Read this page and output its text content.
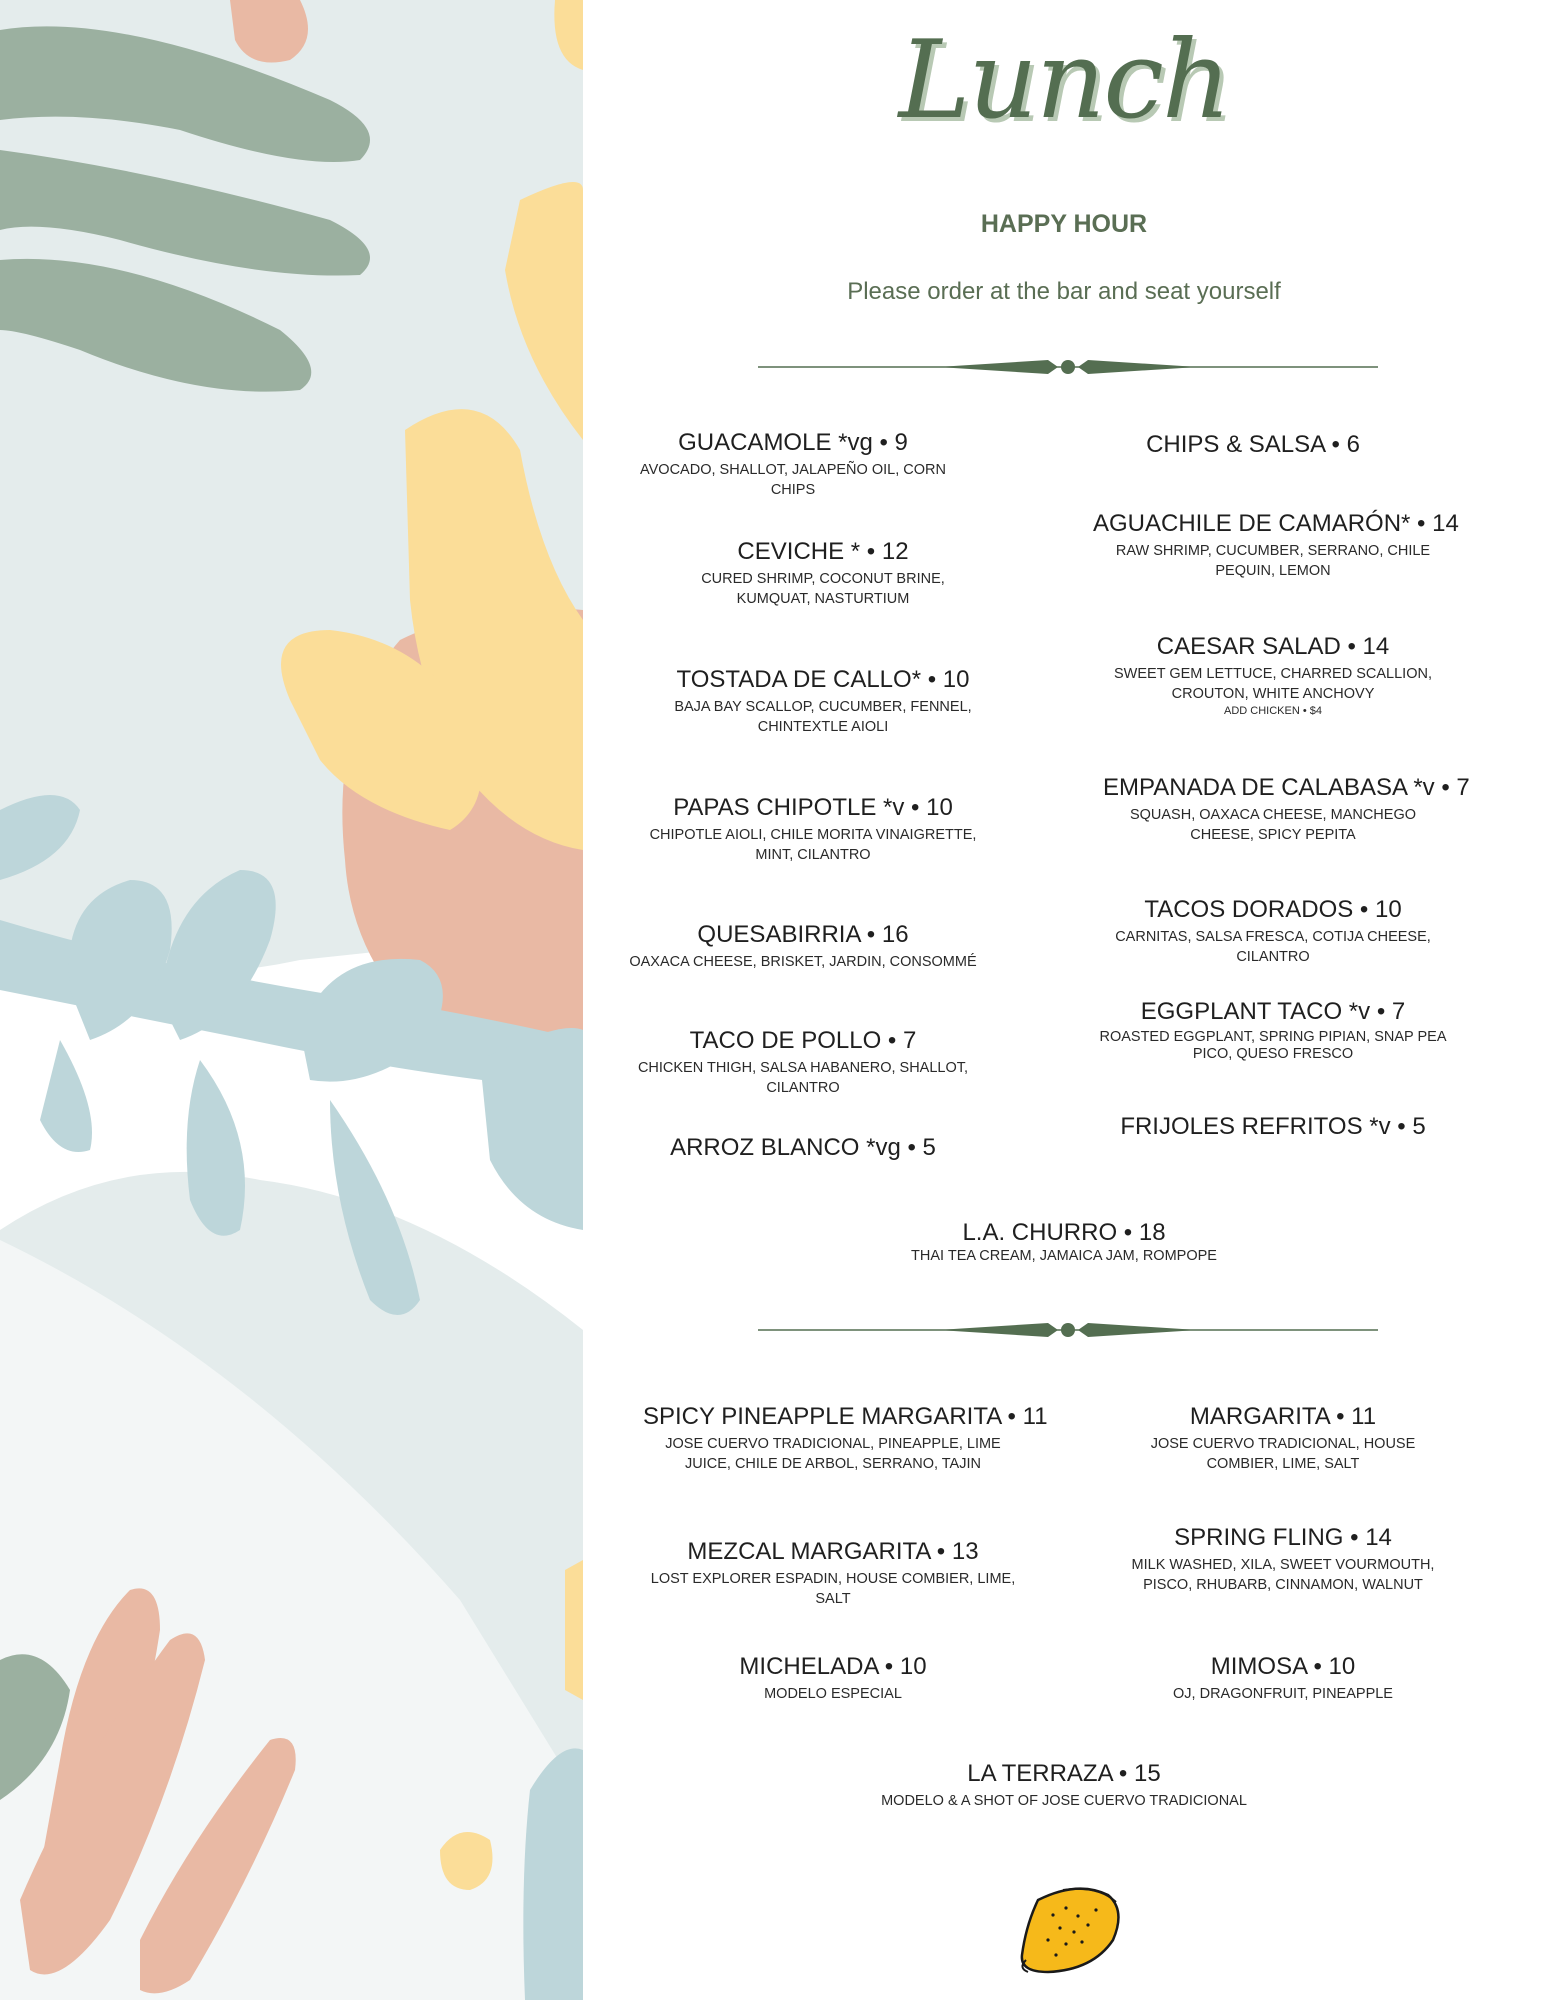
Lunch
HAPPY HOUR
Please order at the bar and seat yourself
GUACAMOLE *vg • 9
AVOCADO, SHALLOT, JALAPEÑO OIL, CORN CHIPS
CEVICHE * • 12
CURED SHRIMP, COCONUT BRINE, KUMQUAT, NASTURTIUM
TOSTADA DE CALLO* • 10
BAJA BAY SCALLOP, CUCUMBER, FENNEL, CHINTEXTLE AIOLI
PAPAS CHIPOTLE *v • 10
CHIPOTLE AIOLI, CHILE MORITA VINAIGRETTE, MINT, CILANTRO
QUESABIRRIA • 16
OAXACA CHEESE, BRISKET, JARDIN, CONSOMMÉ
TACO DE POLLO • 7
CHICKEN THIGH, SALSA HABANERO, SHALLOT, CILANTRO
ARROZ BLANCO *vg • 5
CHIPS & SALSA • 6
AGUACHILE DE CAMARÓN* • 14
RAW SHRIMP, CUCUMBER, SERRANO, CHILE PEQUIN, LEMON
CAESAR SALAD • 14
SWEET GEM LETTUCE, CHARRED SCALLION, CROUTON, WHITE ANCHOVY
ADD CHICKEN • $4
EMPANADA DE CALABASA *v • 7
SQUASH, OAXACA CHEESE, MANCHEGO CHEESE, SPICY PEPITA
TACOS DORADOS • 10
CARNITAS, SALSA FRESCA, COTIJA CHEESE, CILANTRO
EGGPLANT TACO *v • 7
ROASTED EGGPLANT, SPRING PIPIAN, SNAP PEA PICO, QUESO FRESCO
FRIJOLES REFRITOS *v • 5
L.A. CHURRO • 18
THAI TEA CREAM, JAMAICA JAM, ROMPOPE
SPICY PINEAPPLE MARGARITA • 11
JOSE CUERVO TRADICIONAL, PINEAPPLE, LIME JUICE, CHILE DE ARBOL, SERRANO, TAJIN
MEZCAL MARGARITA • 13
LOST EXPLORER ESPADIN, HOUSE COMBIER, LIME, SALT
MICHELADA • 10
MODELO ESPECIAL
MARGARITA • 11
JOSE CUERVO TRADICIONAL, HOUSE COMBIER, LIME, SALT
SPRING FLING • 14
MILK WASHED, XILA, SWEET VOURMOUTH, PISCO, RHUBARB, CINNAMON, WALNUT
MIMOSA • 10
OJ, DRAGONFRUIT, PINEAPPLE
LA TERRAZA • 15
MODELO & A SHOT OF JOSE CUERVO TRADICIONAL
